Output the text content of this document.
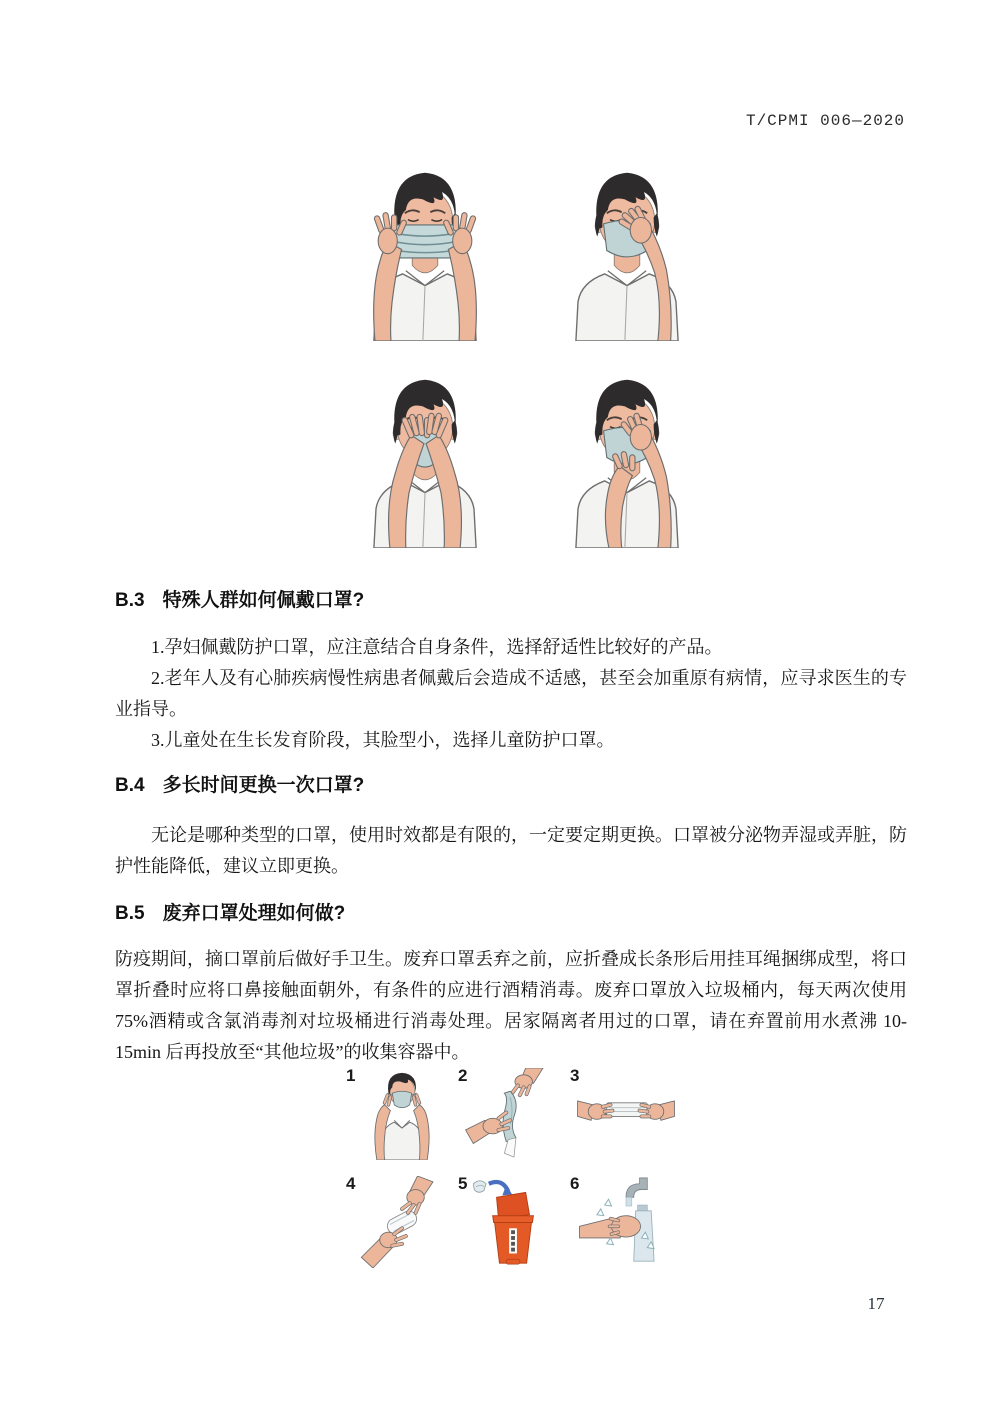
T/CPMI 006—2020
B.3 特殊人群如何佩戴口罩?

1.孕妇佩戴防护口罩，应注意结合自身条件，选择舒适性比较好的产品。

2.老年人及有心肺疾病慢性病患者佩戴后会造成不适感，甚至会加重原有病情，应寻求医生的专业指导。

3.儿童处在生长发育阶段，其脸型小，选择儿童防护口罩。

B.4 多长时间更换一次口罩?

无论是哪种类型的口罩，使用时效都是有限的，一定要定期更换。口罩被分泌物弄湿或弄脏，防护性能降低，建议立即更换。

B.5 废弃口罩处理如何做?

防疫期间，摘口罩前后做好手卫生。废弃口罩丢弃之前，应折叠成长条形后用挂耳绳捆绑成型，将口罩折叠时应将口鼻接触面朝外，有条件的应进行酒精消毒。废弃口罩放入垃圾桶内，每天两次使用 75%酒精或含氯消毒剂对垃圾桶进行消毒处理。居家隔离者用过的口罩，请在弃置前用水煮沸 10-15min 后再投放至“其他垃圾”的收集容器中。

1	2	3
4	5	6
17
